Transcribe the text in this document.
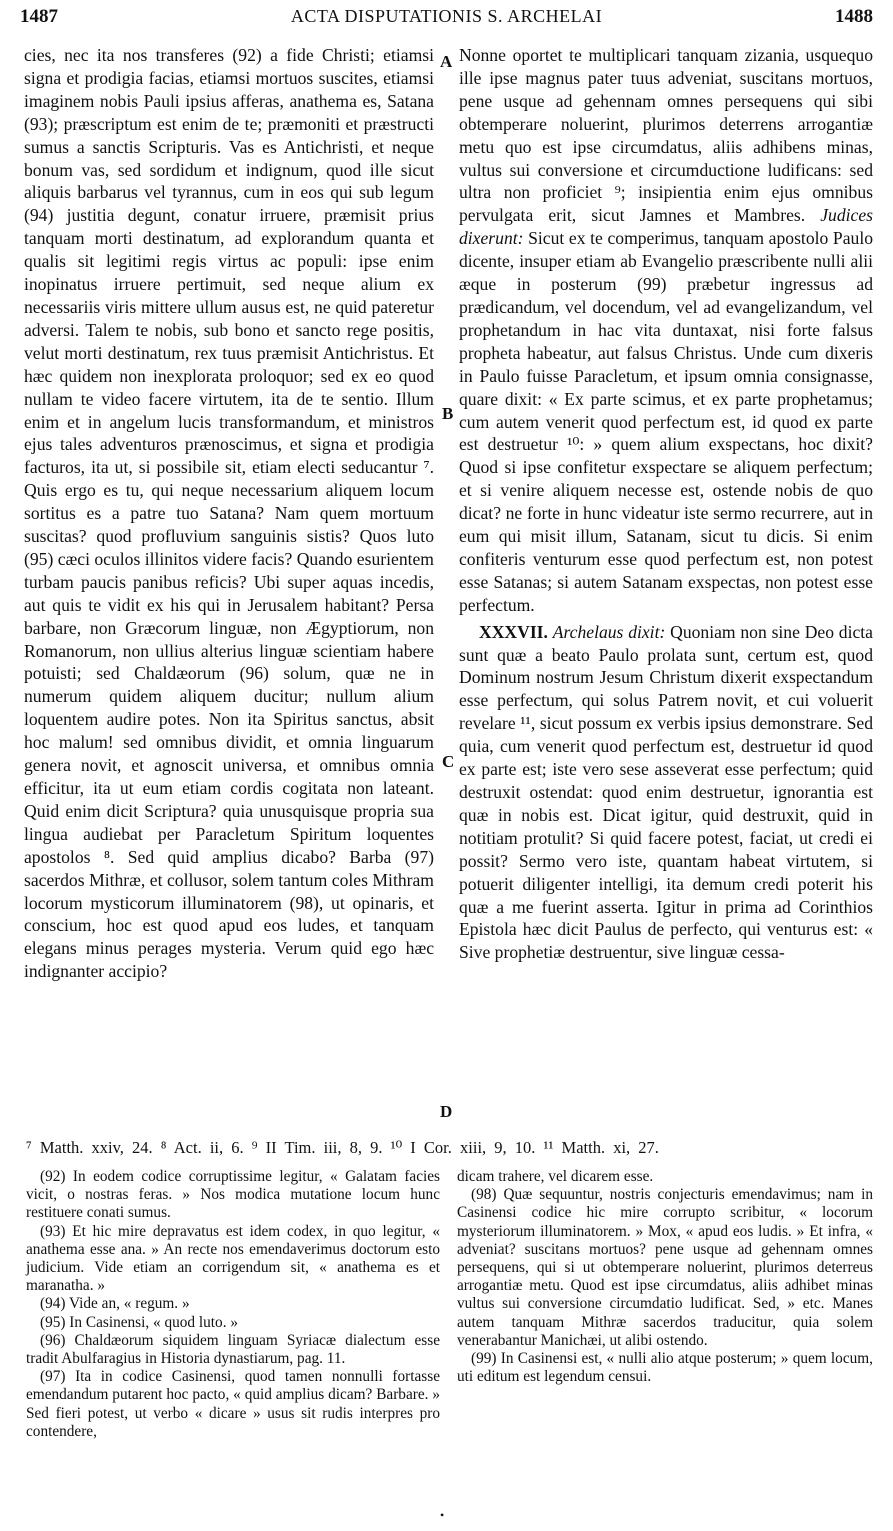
1487	ACTA DISPUTATIONIS S. ARCHELAI	1488
A
B
C
D

cies, nec ita nos transferes (92) a fide Christi; etiamsi signa et prodigia facias, etiamsi mortuos suscites, etiamsi imaginem nobis Pauli ipsius afferas, anathema es, Satana (93); præscriptum est enim de te; præmoniti et præstructi sumus a sanctis Scripturis. Vas es Antichristi, et neque bonum vas, sed sordidum et indignum, quod ille sicut aliquis barbarus vel tyrannus, cum in eos qui sub legum (94) justitia degunt, conatur irruere, præmisit prius tanquam morti destinatum, ad explorandum quanta et qualis sit legitimi regis virtus ac populi: ipse enim inopinatus irruere pertimuit, sed neque alium ex necessariis viris mittere ullum ausus est, ne quid pateretur adversi. Talem te nobis, sub bono et sancto rege positis, velut morti destinatum, rex tuus præmisit Antichristus. Et hæc quidem non inexplorata proloquor; sed ex eo quod nullam te video facere virtutem, ita de te sentio. Illum enim et in angelum lucis transformandum, et ministros ejus tales adventuros prænoscimus, et signa et prodigia facturos, ita ut, si possibile sit, etiam electi seducantur ⁷. Quis ergo es tu, qui neque necessarium aliquem locum sortitus es a patre tuo Satana? Nam quem mortuum suscitas? quod profluvium sanguinis sistis? Quos luto (95) cæci oculos illinitos videre facis? Quando esurientem turbam paucis panibus reficis? Ubi super aquas incedis, aut quis te vidit ex his qui in Jerusalem habitant? Persa barbare, non Græcorum linguæ, non Ægyptiorum, non Romanorum, non ullius alterius linguæ scientiam habere potuisti; sed Chaldæorum (96) solum, quæ ne in numerum quidem aliquem ducitur; nullum alium loquentem audire potes. Non ita Spiritus sanctus, absit hoc malum! sed omnibus dividit, et omnia linguarum genera novit, et agnoscit universa, et omnibus omnia efficitur, ita ut eum etiam cordis cogitata non lateant. Quid enim dicit Scriptura? quia unusquisque propria sua lingua audiebat per Paracletum Spiritum loquentes apostolos ⁸. Sed quid amplius dicabo? Barba (97) sacerdos Mithræ, et collusor, solem tantum coles Mithram locorum mysticorum illuminatorem (98), ut opinaris, et conscium, hoc est quod apud eos ludes, et tanquam elegans minus perages mysteria. Verum quid ego hæc indignanter accipio?

Nonne oportet te multiplicari tanquam zizania, usquequo ille ipse magnus pater tuus adveniat, suscitans mortuos, pene usque ad gehennam omnes persequens qui sibi obtemperare noluerint, plurimos deterrens arrogantiæ metu quo est ipse circumdatus, aliis adhibens minas, vultus sui conversione et circumductione ludificans: sed ultra non proficiet ⁹; insipientia enim ejus omnibus pervulgata erit, sicut Jamnes et Mambres. Judices dixerunt: Sicut ex te comperimus, tanquam apostolo Paulo dicente, insuper etiam ab Evangelio præscribente nulli alii æque in posterum (99) præbetur ingressus ad prædicandum, vel docendum, vel ad evangelizandum, vel prophetandum in hac vita duntaxat, nisi forte falsus propheta habeatur, aut falsus Christus. Unde cum dixeris in Paulo fuisse Paracletum, et ipsum omnia consignasse, quare dixit: « Ex parte scimus, et ex parte prophetamus; cum autem venerit quod perfectum est, id quod ex parte est destruetur ¹⁰: » quem alium exspectans, hoc dixit? Quod si ipse confitetur exspectare se aliquem perfectum; et si venire aliquem necesse est, ostende nobis de quo dicat? ne forte in hunc videatur iste sermo recurrere, aut in eum qui misit illum, Satanam, sicut tu dicis. Si enim confiteris venturum esse quod perfectum est, non potest esse Satanas; si autem Satanam exspectas, non potest esse perfectum.

XXXVII. Archelaus dixit: Quoniam non sine Deo dicta sunt quæ a beato Paulo prolata sunt, certum est, quod Dominum nostrum Jesum Christum dixerit exspectandum esse perfectum, qui solus Patrem novit, et cui voluerit revelare ¹¹, sicut possum ex verbis ipsius demonstrare. Sed quia, cum venerit quod perfectum est, destruetur id quod ex parte est; iste vero sese asseverat esse perfectum; quid destruxit ostendat: quod enim destruetur, ignorantia est quæ in nobis est. Dicat igitur, quid destruxit, quid in notitiam protulit? Si quid facere potest, faciat, ut credi ei possit? Sermo vero iste, quantam habeat virtutem, si potuerit diligenter intelligi, ita demum credi poterit his quæ a me fuerint asserta. Igitur in prima ad Corinthios Epistola hæc dicit Paulus de perfecto, qui venturus est: « Sive prophetiæ destruentur, sive linguæ cessa-

⁷ Matth. xxiv, 24. ⁸ Act. ii, 6. ⁹ II Tim. iii, 8, 9. ¹⁰ I Cor. xiii, 9, 10. ¹¹ Matth. xi, 27.

(92) In eodem codice corruptissime legitur, « Galatam facies vicit, o nostras feras. » Nos modica mutatione locum hunc restituere conati sumus.

(93) Et hic mire depravatus est idem codex, in quo legitur, « anathema esse ana. » An recte nos emendaverimus doctorum esto judicium. Vide etiam an corrigendum sit, « anathema es et maranatha. »

(94) Vide an, « regum. »

(95) In Casinensi, « quod luto. »

(96) Chaldæorum siquidem linguam Syriacæ dialectum esse tradit Abulfaragius in Historia dynastiarum, pag. 11.

(97) Ita in codice Casinensi, quod tamen nonnulli fortasse emendandum putarent hoc pacto, « quid amplius dicam? Barbare. » Sed fieri potest, ut verbo « dicare » usus sit rudis interpres pro contendere,

dicam trahere, vel dicarem esse.

(98) Quæ sequuntur, nostris conjecturis emendavimus; nam in Casinensi codice hic mire corrupto scribitur, « locorum mysteriorum illuminatorem. » Mox, « apud eos ludis. » Et infra, « adveniat? suscitans mortuos? pene usque ad gehennam omnes persequens, qui si ut obtemperare noluerint, plurimos deterreus arrogantiæ metu. Quod est ipse circumdatus, aliis adhibet minas vultus sui conversione circumdatio ludificat. Sed, » etc. Manes autem tanquam Mithræ sacerdos traducitur, quia solem venerabantur Manichæi, ut alibi ostendo.

(99) In Casinensi est, « nulli alio atque posterum; » quem locum, uti editum est legendum censui.

•
